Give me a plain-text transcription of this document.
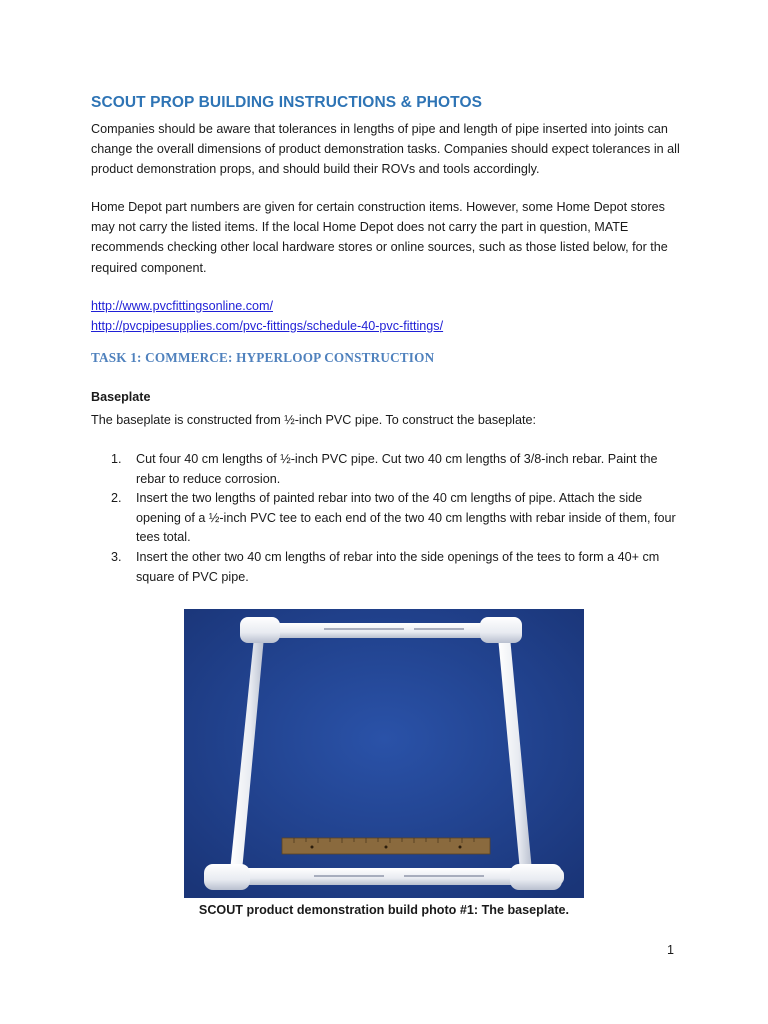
SCOUT PROP BUILDING INSTRUCTIONS & PHOTOS

Companies should be aware that tolerances in lengths of pipe and length of pipe inserted into joints can change the overall dimensions of product demonstration tasks. Companies should expect tolerances in all product demonstration props, and should build their ROVs and tools accordingly.

Home Depot part numbers are given for certain construction items. However, some Home Depot stores may not carry the listed items. If the local Home Depot does not carry the part in question, MATE recommends checking other local hardware stores or online sources, such as those listed below, for the required component.

http://www.pvcfittingsonline.com/
http://pvcpipesupplies.com/pvc-fittings/schedule-40-pvc-fittings/
TASK 1: COMMERCE: HYPERLOOP CONSTRUCTION
Baseplate
The baseplate is constructed from ½-inch PVC pipe. To construct the baseplate:
1. Cut four 40 cm lengths of ½-inch PVC pipe. Cut two 40 cm lengths of 3/8-inch rebar. Paint the rebar to reduce corrosion.
2. Insert the two lengths of painted rebar into two of the 40 cm lengths of pipe. Attach the side opening of a ½-inch PVC tee to each end of the two 40 cm lengths with rebar inside of them, four tees total.
3. Insert the other two 40 cm lengths of rebar into the side openings of the tees to form a 40+ cm square of PVC pipe.
SCOUT product demonstration build photo #1: The baseplate.
1
